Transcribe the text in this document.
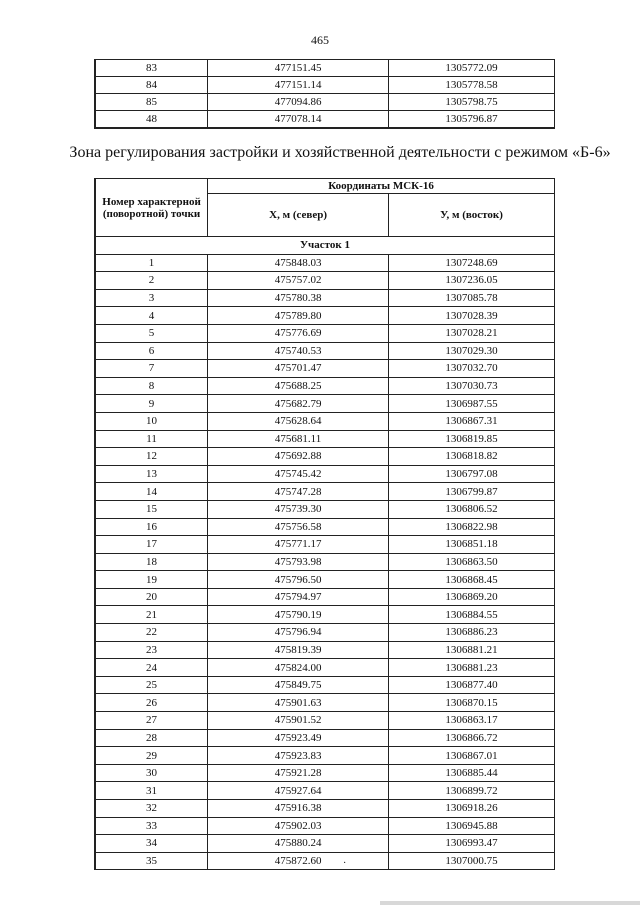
465
83	477151.45	1305772.09
84	477151.14	1305778.58
85	477094.86	1305798.75
48	477078.14	1305796.87
Зона регулирования застройки и хозяйственной деятельности с режимом «Б-6»
Номер характерной (поворотной) точки	Координаты МСК-16	
	X, м (север)	У, м (восток)
Участок 1		
1	475848.03	1307248.69
2	475757.02	1307236.05
3	475780.38	1307085.78
4	475789.80	1307028.39
5	475776.69	1307028.21
6	475740.53	1307029.30
7	475701.47	1307032.70
8	475688.25	1307030.73
9	475682.79	1306987.55
10	475628.64	1306867.31
11	475681.11	1306819.85
12	475692.88	1306818.82
13	475745.42	1306797.08
14	475747.28	1306799.87
15	475739.30	1306806.52
16	475756.58	1306822.98
17	475771.17	1306851.18
18	475793.98	1306863.50
19	475796.50	1306868.45
20	475794.97	1306869.20
21	475790.19	1306884.55
22	475796.94	1306886.23
23	475819.39	1306881.21
24	475824.00	1306881.23
25	475849.75	1306877.40
26	475901.63	1306870.15
27	475901.52	1306863.17
28	475923.49	1306866.72
29	475923.83	1306867.01
30	475921.28	1306885.44
31	475927.64	1306899.72
32	475916.38	1306918.26
33	475902.03	1306945.88
34	475880.24	1306993.47
35	475872.60	1307000.75
·
